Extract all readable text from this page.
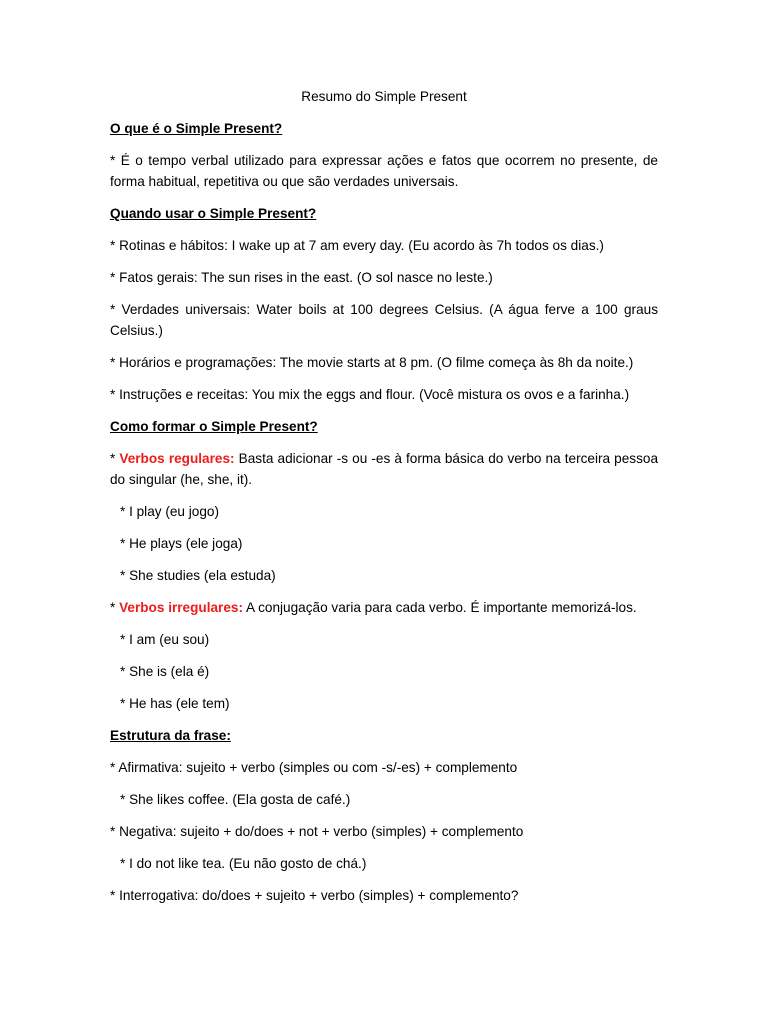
Resumo do Simple Present
O que é o Simple Present?
* É o tempo verbal utilizado para expressar ações e fatos que ocorrem no presente, de forma habitual, repetitiva ou que são verdades universais.
Quando usar o Simple Present?
* Rotinas e hábitos: I wake up at 7 am every day. (Eu acordo às 7h todos os dias.)
* Fatos gerais: The sun rises in the east. (O sol nasce no leste.)
* Verdades universais: Water boils at 100 degrees Celsius. (A água ferve a 100 graus Celsius.)
* Horários e programações: The movie starts at 8 pm. (O filme começa às 8h da noite.)
* Instruções e receitas: You mix the eggs and flour. (Você mistura os ovos e a farinha.)
Como formar o Simple Present?
* Verbos regulares: Basta adicionar -s ou -es à forma básica do verbo na terceira pessoa do singular (he, she, it).
* I play (eu jogo)
* He plays (ele joga)
* She studies (ela estuda)
* Verbos irregulares: A conjugação varia para cada verbo. É importante memorizá-los.
* I am (eu sou)
* She is (ela é)
* He has (ele tem)
Estrutura da frase:
* Afirmativa: sujeito + verbo (simples ou com -s/-es) + complemento
* She likes coffee. (Ela gosta de café.)
* Negativa: sujeito + do/does + not + verbo (simples) + complemento
* I do not like tea. (Eu não gosto de chá.)
* Interrogativa: do/does + sujeito + verbo (simples) + complemento?
